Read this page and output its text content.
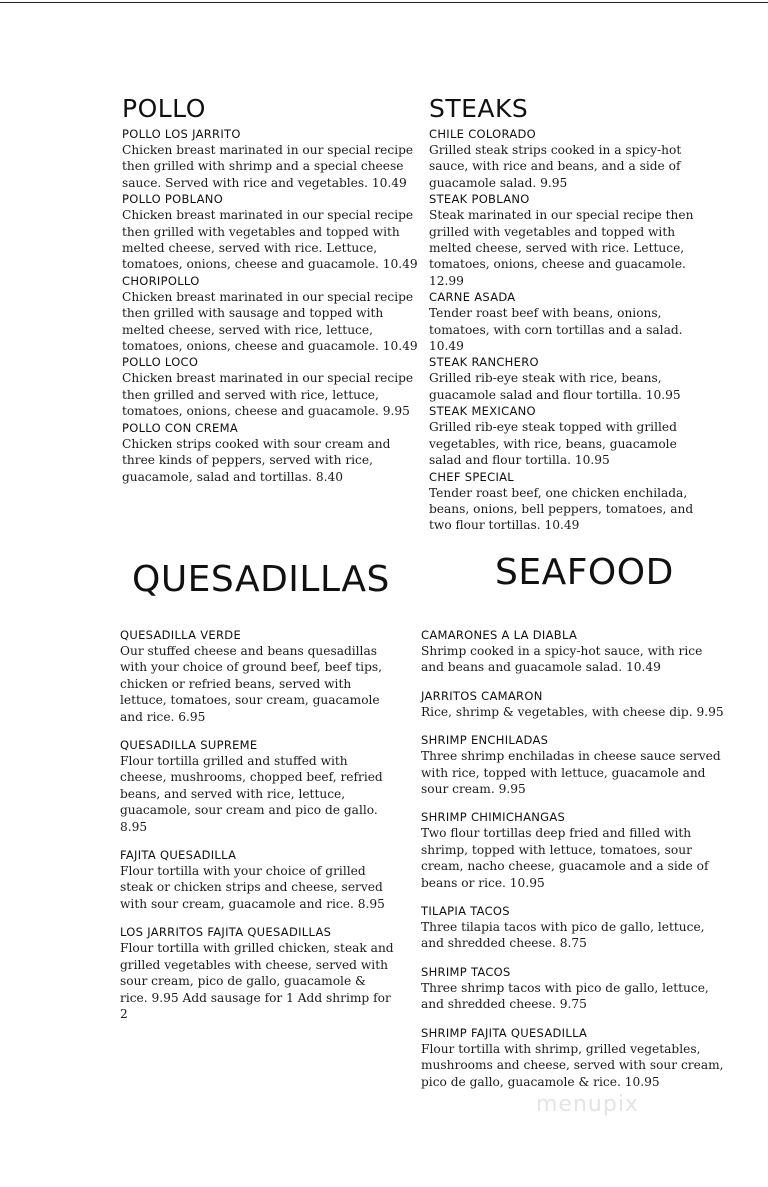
POLLO
POLLO LOS JARRITO
Chicken breast marinated in our special recipe then grilled with shrimp and a special cheese sauce. Served with rice and vegetables. 10.49
POLLO POBLANO
Chicken breast marinated in our special recipe then grilled with vegetables and topped with melted cheese, served with rice. Lettuce, tomatoes, onions, cheese and guacamole. 10.49
CHORIPOLLO
Chicken breast marinated in our special recipe then grilled with sausage and topped with melted cheese, served with rice, lettuce, tomatoes, onions, cheese and guacamole. 10.49
POLLO LOCO
Chicken breast marinated in our special recipe then grilled and served with rice, lettuce, tomatoes, onions, cheese and guacamole. 9.95
POLLO CON CREMA
Chicken strips cooked with sour cream and three kinds of peppers, served with rice, guacamole, salad and tortillas. 8.40
STEAKS
CHILE COLORADO
Grilled steak strips cooked in a spicy-hot sauce, with rice and beans, and a side of guacamole salad. 9.95
STEAK POBLANO
Steak marinated in our special recipe then grilled with vegetables and topped with melted cheese, served with rice. Lettuce, tomatoes, onions, cheese and guacamole. 12.99
CARNE ASADA
Tender roast beef with beans, onions, tomatoes, with corn tortillas and a salad. 10.49
STEAK RANCHERO
Grilled rib-eye steak with rice, beans, guacamole salad and flour tortilla. 10.95
STEAK MEXICANO
Grilled rib-eye steak topped with grilled vegetables, with rice, beans, guacamole salad and flour tortilla. 10.95
CHEF SPECIAL
Tender roast beef, one chicken enchilada, beans, onions, bell peppers, tomatoes, and two flour tortillas. 10.49
QUESADILLAS
QUESADILLA VERDE
Our stuffed cheese and beans quesadillas with your choice of ground beef, beef tips, chicken or refried beans, served with lettuce, tomatoes, sour cream, guacamole and rice. 6.95
QUESADILLA SUPREME
Flour tortilla grilled and stuffed with cheese, mushrooms, chopped beef, refried beans, and served with rice, lettuce, guacamole, sour cream and pico de gallo. 8.95
FAJITA QUESADILLA
Flour tortilla with your choice of grilled steak or chicken strips and cheese, served with sour cream, guacamole and rice. 8.95
LOS JARRITOS FAJITA QUESADILLAS
Flour tortilla with grilled chicken, steak and grilled vegetables with cheese, served with sour cream, pico de gallo, guacamole & rice. 9.95 Add sausage for 1 Add shrimp for 2
SEAFOOD
CAMARONES A LA DIABLA
Shrimp cooked in a spicy-hot sauce, with rice and beans and guacamole salad. 10.49
JARRITOS CAMARON
Rice, shrimp & vegetables, with cheese dip. 9.95
SHRIMP ENCHILADAS
Three shrimp enchiladas in cheese sauce served with rice, topped with lettuce, guacamole and sour cream. 9.95
SHRIMP CHIMICHANGAS
Two flour tortillas deep fried and filled with shrimp, topped with lettuce, tomatoes, sour cream, nacho cheese, guacamole and a side of beans or rice. 10.95
TILAPIA TACOS
Three tilapia tacos with pico de gallo, lettuce, and shredded cheese. 8.75
SHRIMP TACOS
Three shrimp tacos with pico de gallo, lettuce, and shredded cheese. 9.75
SHRIMP FAJITA QUESADILLA
Flour tortilla with shrimp, grilled vegetables, mushrooms and cheese, served with sour cream, pico de gallo, guacamole & rice. 10.95
menupix
